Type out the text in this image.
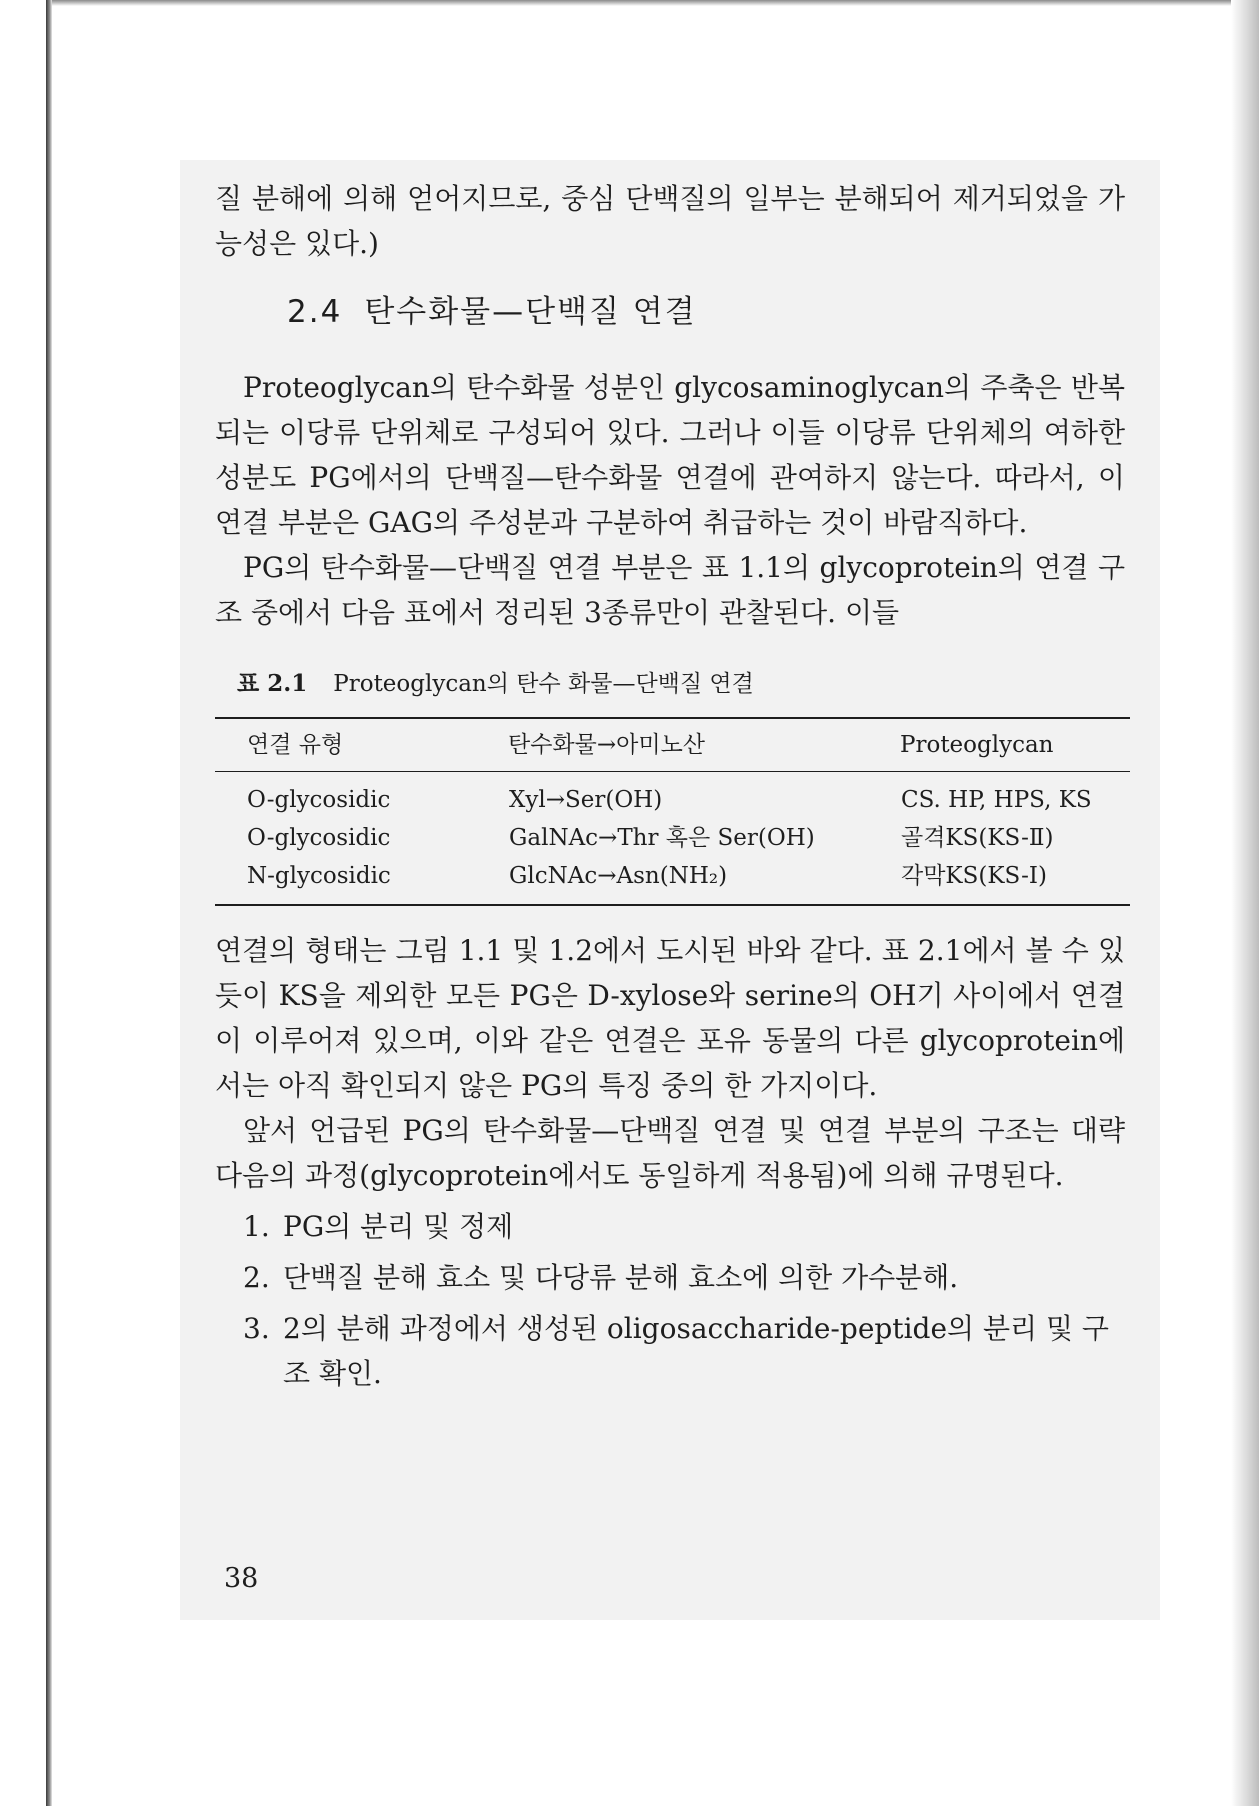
질 분해에 의해 얻어지므로, 중심 단백질의 일부는 분해되어 제거되었을 가능성은 있다.)

2.4 탄수화물—단백질 연결

Proteoglycan의 탄수화물 성분인 glycosaminoglycan의 주축은 반복되는 이당류 단위체로 구성되어 있다. 그러나 이들 이당류 단위체의 여하한 성분도 PG에서의 단백질—탄수화물 연결에 관여하지 않는다. 따라서, 이 연결 부분은 GAG의 주성분과 구분하여 취급하는 것이 바람직하다.

PG의 탄수화물—단백질 연결 부분은 표 1.1의 glycoprotein의 연결 구조 중에서 다음 표에서 정리된 3종류만이 관찰된다. 이들

표 2.1 Proteoglycan의 탄수 화물—단백질 연결
연결 유형	탄수화물→아미노산	Proteoglycan
O-glycosidic	Xyl→Ser(OH)	CS. HP, HPS, KS
O-glycosidic	GalNAc→Thr 혹은 Ser(OH)	골격KS(KS-Ⅱ)
N-glycosidic	GlcNAc→Asn(NH₂)	각막KS(KS-Ⅰ)

연결의 형태는 그림 1.1 및 1.2에서 도시된 바와 같다. 표 2.1에서 볼 수 있듯이 KS을 제외한 모든 PG은 D-xylose와 serine의 OH기 사이에서 연결이 이루어져 있으며, 이와 같은 연결은 포유 동물의 다른 glycoprotein에서는 아직 확인되지 않은 PG의 특징 중의 한 가지이다.

앞서 언급된 PG의 탄수화물—단백질 연결 및 연결 부분의 구조는 대략 다음의 과정(glycoprotein에서도 동일하게 적용됨)에 의해 규명된다.

1. PG의 분리 및 정제
2. 단백질 분해 효소 및 다당류 분해 효소에 의한 가수분해.
3. 2의 분해 과정에서 생성된 oligosaccharide-peptide의 분리 및 구조 확인.
38
